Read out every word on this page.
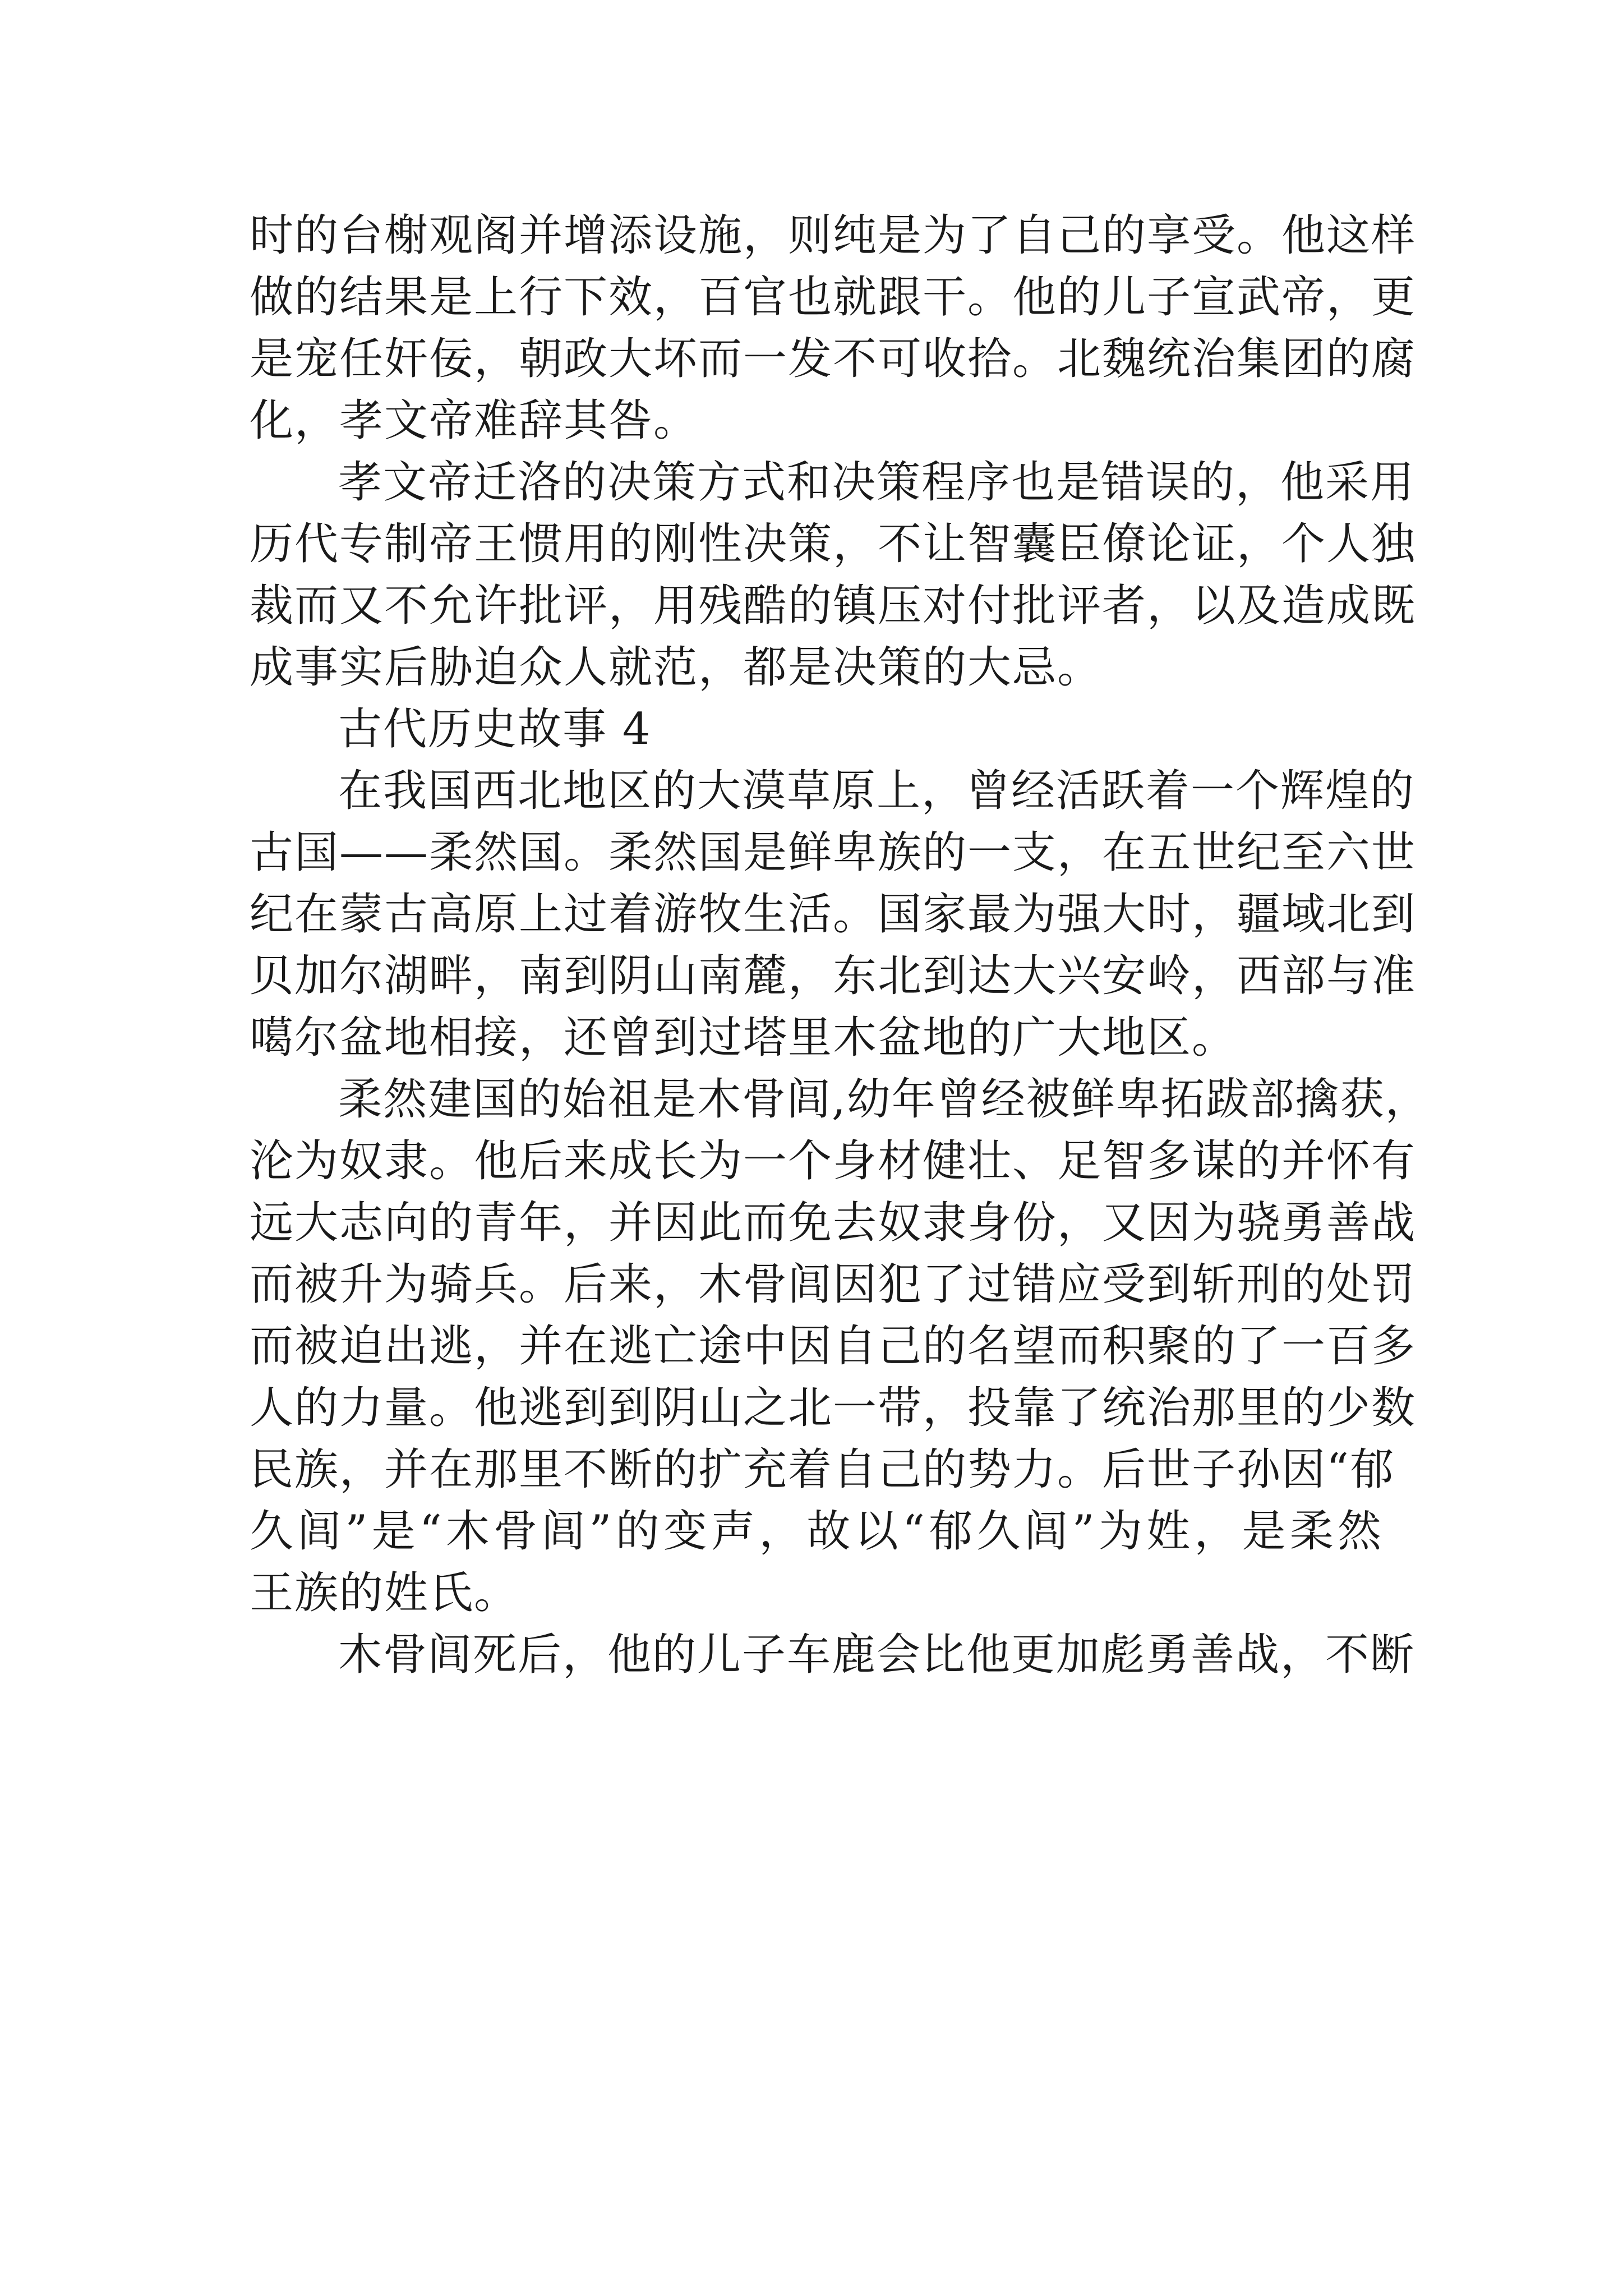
时的台榭观阁并增添设施，则纯是为了自己的享受。他这样
做的结果是上行下效，百官也就跟干。他的儿子宣武帝，更
是宠任奸佞，朝政大坏而一发不可收拾。北魏统治集团的腐
化，孝文帝难辞其咎。
孝文帝迁洛的决策方式和决策程序也是错误的，他采用
历代专制帝王惯用的刚性决策，不让智囊臣僚论证，个人独
裁而又不允许批评，用残酷的镇压对付批评者，以及造成既
成事实后胁迫众人就范，都是决策的大忌。
古代历史故事 4
在我国西北地区的大漠草原上，曾经活跃着一个辉煌的
古国——柔然国。柔然国是鲜卑族的一支，在五世纪至六世
纪在蒙古高原上过着游牧生活。国家最为强大时，疆域北到
贝加尔湖畔，南到阴山南麓，东北到达大兴安岭，西部与准
噶尔盆地相接，还曾到过塔里木盆地的广大地区。
柔然建国的始祖是木骨闾,幼年曾经被鲜卑拓跋部擒获，
沦为奴隶。他后来成长为一个身材健壮、足智多谋的并怀有
远大志向的青年，并因此而免去奴隶身份，又因为骁勇善战
而被升为骑兵。后来，木骨闾因犯了过错应受到斩刑的处罚
而被迫出逃，并在逃亡途中因自己的名望而积聚的了一百多
人的力量。他逃到到阴山之北一带，投靠了统治那里的少数
民族，并在那里不断的扩充着自己的势力。后世子孙因“郁
久闾”是“木骨闾”的变声，故以“郁久闾”为姓，是柔然
王族的姓氏。
木骨闾死后，他的儿子车鹿会比他更加彪勇善战，不断
